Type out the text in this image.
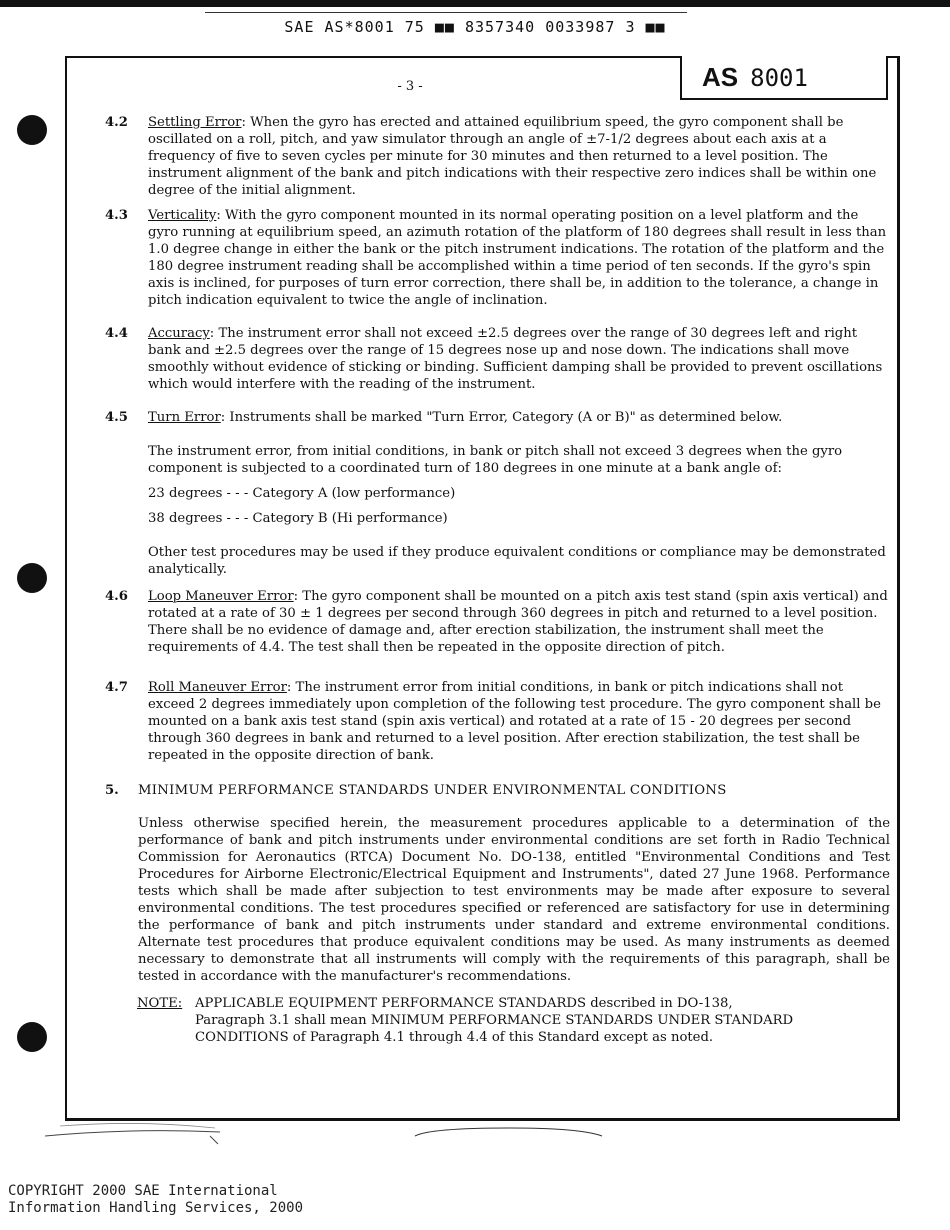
SAE AS*8001 75 ■■ 8357340 0033987 3 ■■
AS 8001
- 3 -
4.2 Settling Error: When the gyro has erected and attained equilibrium speed, the gyro component shall be oscillated on a roll, pitch, and yaw simulator through an angle of ±7-1/2 degrees about each axis at a frequency of five to seven cycles per minute for 30 minutes and then returned to a level position. The instrument alignment of the bank and pitch indications with their respective zero indices shall be within one degree of the initial alignment.
4.3 Verticality: With the gyro component mounted in its normal operating position on a level platform and the gyro running at equilibrium speed, an azimuth rotation of the platform of 180 degrees shall result in less than 1.0 degree change in either the bank or the pitch instrument indications. The rotation of the platform and the 180 degree instrument reading shall be accomplished within a time period of ten seconds. If the gyro's spin axis is inclined, for purposes of turn error correction, there shall be, in addition to the tolerance, a change in pitch indication equivalent to twice the angle of inclination.
4.4 Accuracy: The instrument error shall not exceed ±2.5 degrees over the range of 30 degrees left and right bank and ±2.5 degrees over the range of 15 degrees nose up and nose down. The indications shall move smoothly without evidence of sticking or binding. Sufficient damping shall be provided to prevent oscillations which would interfere with the reading of the instrument.
4.5 Turn Error: Instruments shall be marked "Turn Error, Category (A or B)" as determined below.
The instrument error, from initial conditions, in bank or pitch shall not exceed 3 degrees when the gyro component is subjected to a coordinated turn of 180 degrees in one minute at a bank angle of:
23 degrees - - - Category A (low performance)
38 degrees - - - Category B (Hi performance)
Other test procedures may be used if they produce equivalent conditions or compliance may be demonstrated analytically.
4.6 Loop Maneuver Error: The gyro component shall be mounted on a pitch axis test stand (spin axis vertical) and rotated at a rate of 30 ± 1 degrees per second through 360 degrees in pitch and returned to a level position. There shall be no evidence of damage and, after erection stabilization, the instrument shall meet the requirements of 4.4. The test shall then be repeated in the opposite direction of pitch.
4.7 Roll Maneuver Error: The instrument error from initial conditions, in bank or pitch indications shall not exceed 2 degrees immediately upon completion of the following test procedure. The gyro component shall be mounted on a bank axis test stand (spin axis vertical) and rotated at a rate of 15 - 20 degrees per second through 360 degrees in bank and returned to a level position. After erection stabilization, the test shall be repeated in the opposite direction of bank.
5. MINIMUM PERFORMANCE STANDARDS UNDER ENVIRONMENTAL CONDITIONS
Unless otherwise specified herein, the measurement procedures applicable to a determination of the performance of bank and pitch instruments under environmental conditions are set forth in Radio Technical Commission for Aeronautics (RTCA) Document No. DO-138, entitled "Environmental Conditions and Test Procedures for Airborne Electronic/Electrical Equipment and Instruments", dated 27 June 1968. Performance tests which shall be made after subjection to test environments may be made after exposure to several environmental conditions. The test procedures specified or referenced are satisfactory for use in determining the performance of bank and pitch instruments under standard and extreme environmental conditions. Alternate test procedures that produce equivalent conditions may be used. As many instruments as deemed necessary to demonstrate that all instruments will comply with the requirements of this paragraph, shall be tested in accordance with the manufacturer's recommendations.
NOTE: APPLICABLE EQUIPMENT PERFORMANCE STANDARDS described in DO-138, Paragraph 3.1 shall mean MINIMUM PERFORMANCE STANDARDS UNDER STANDARD CONDITIONS of Paragraph 4.1 through 4.4 of this Standard except as noted.
COPYRIGHT 2000 SAE International
Information Handling Services, 2000
